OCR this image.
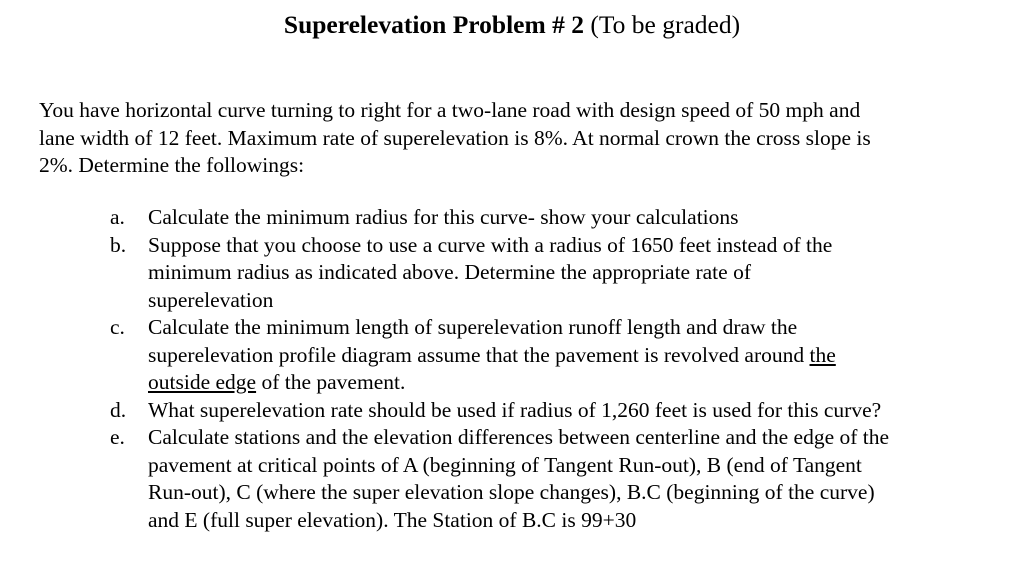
Superelevation Problem # 2 (To be graded)
You have horizontal curve turning to right for a two-lane road with design speed of 50 mph and
lane width of 12 feet. Maximum rate of superelevation is 8%. At normal crown the cross slope is
2%. Determine the followings:
a. Calculate the minimum radius for this curve- show your calculations
b. Suppose that you choose to use a curve with a radius of 1650 feet instead of the
minimum radius as indicated above. Determine the appropriate rate of
superelevation
c. Calculate the minimum length of superelevation runoff length and draw the
superelevation profile diagram assume that the pavement is revolved around the
outside edge of the pavement.
d. What superelevation rate should be used if radius of 1,260 feet is used for this curve?
e. Calculate stations and the elevation differences between centerline and the edge of the
pavement at critical points of A (beginning of Tangent Run-out), B (end of Tangent
Run-out), C (where the super elevation slope changes), B.C (beginning of the curve)
and E (full super elevation). The Station of B.C is 99+30
